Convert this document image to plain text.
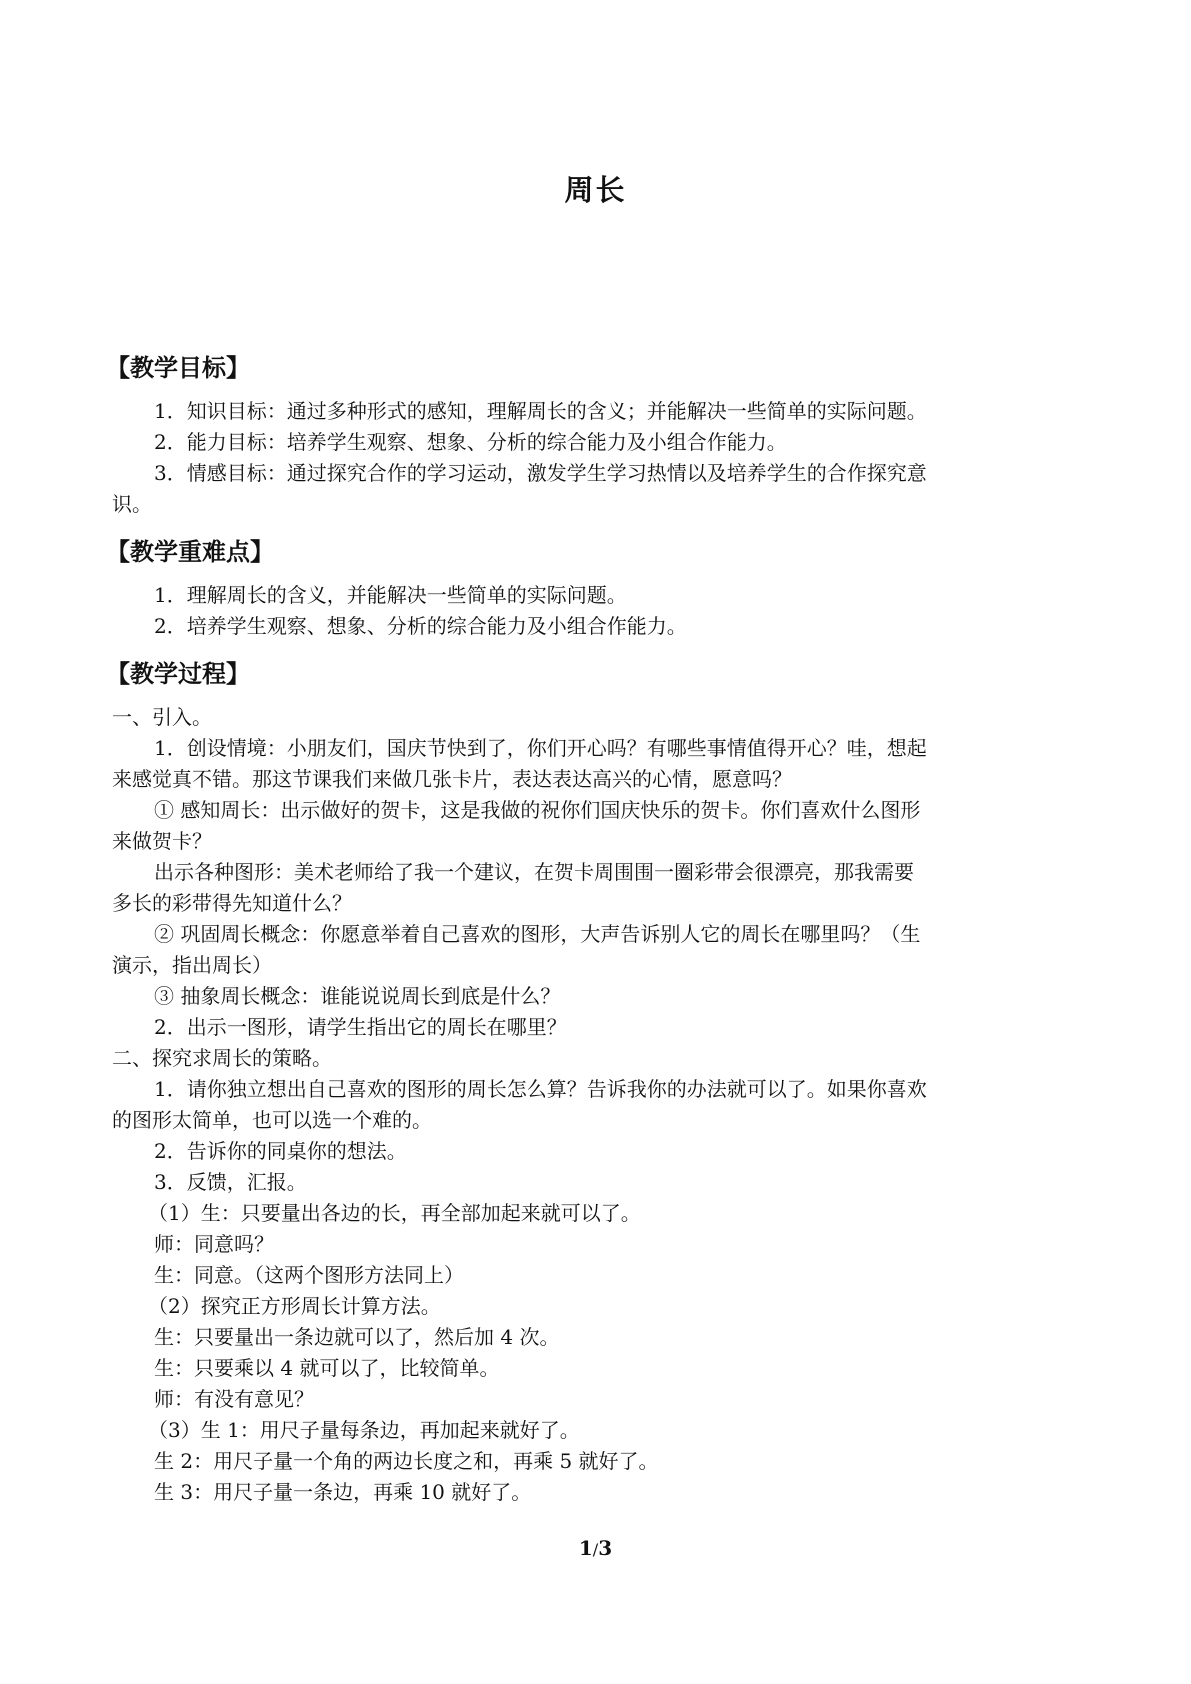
周长
【教学目标】

1．知识目标：通过多种形式的感知，理解周长的含义；并能解决一些简单的实际问题。

2．能力目标：培养学生观察、想象、分析的综合能力及小组合作能力。

3．情感目标：通过探究合作的学习运动，激发学生学习热情以及培养学生的合作探究意

识。

【教学重难点】

1．理解周长的含义，并能解决一些简单的实际问题。

2．培养学生观察、想象、分析的综合能力及小组合作能力。

【教学过程】

一、引入。

1．创设情境：小朋友们，国庆节快到了，你们开心吗？有哪些事情值得开心？哇，想起

来感觉真不错。那这节课我们来做几张卡片，表达表达高兴的心情，愿意吗？

① 感知周长：出示做好的贺卡，这是我做的祝你们国庆快乐的贺卡。你们喜欢什么图形

来做贺卡？

出示各种图形：美术老师给了我一个建议，在贺卡周围围一圈彩带会很漂亮，那我需要

多长的彩带得先知道什么？

② 巩固周长概念：你愿意举着自己喜欢的图形，大声告诉别人它的周长在哪里吗？（生

演示，指出周长）

③ 抽象周长概念：谁能说说周长到底是什么？

2．出示一图形，请学生指出它的周长在哪里？

二、探究求周长的策略。

1．请你独立想出自己喜欢的图形的周长怎么算？告诉我你的办法就可以了。如果你喜欢

的图形太简单，也可以选一个难的。

2．告诉你的同桌你的想法。

3．反馈，汇报。

（1）生：只要量出各边的长，再全部加起来就可以了。

师：同意吗？

生：同意。（这两个图形方法同上）

（2）探究正方形周长计算方法。

生：只要量出一条边就可以了，然后加 4 次。

生：只要乘以 4 就可以了，比较简单。

师：有没有意见？

（3）生 1：用尺子量每条边，再加起来就好了。

生 2：用尺子量一个角的两边长度之和，再乘 5 就好了。

生 3：用尺子量一条边，再乘 10 就好了。

1/3
